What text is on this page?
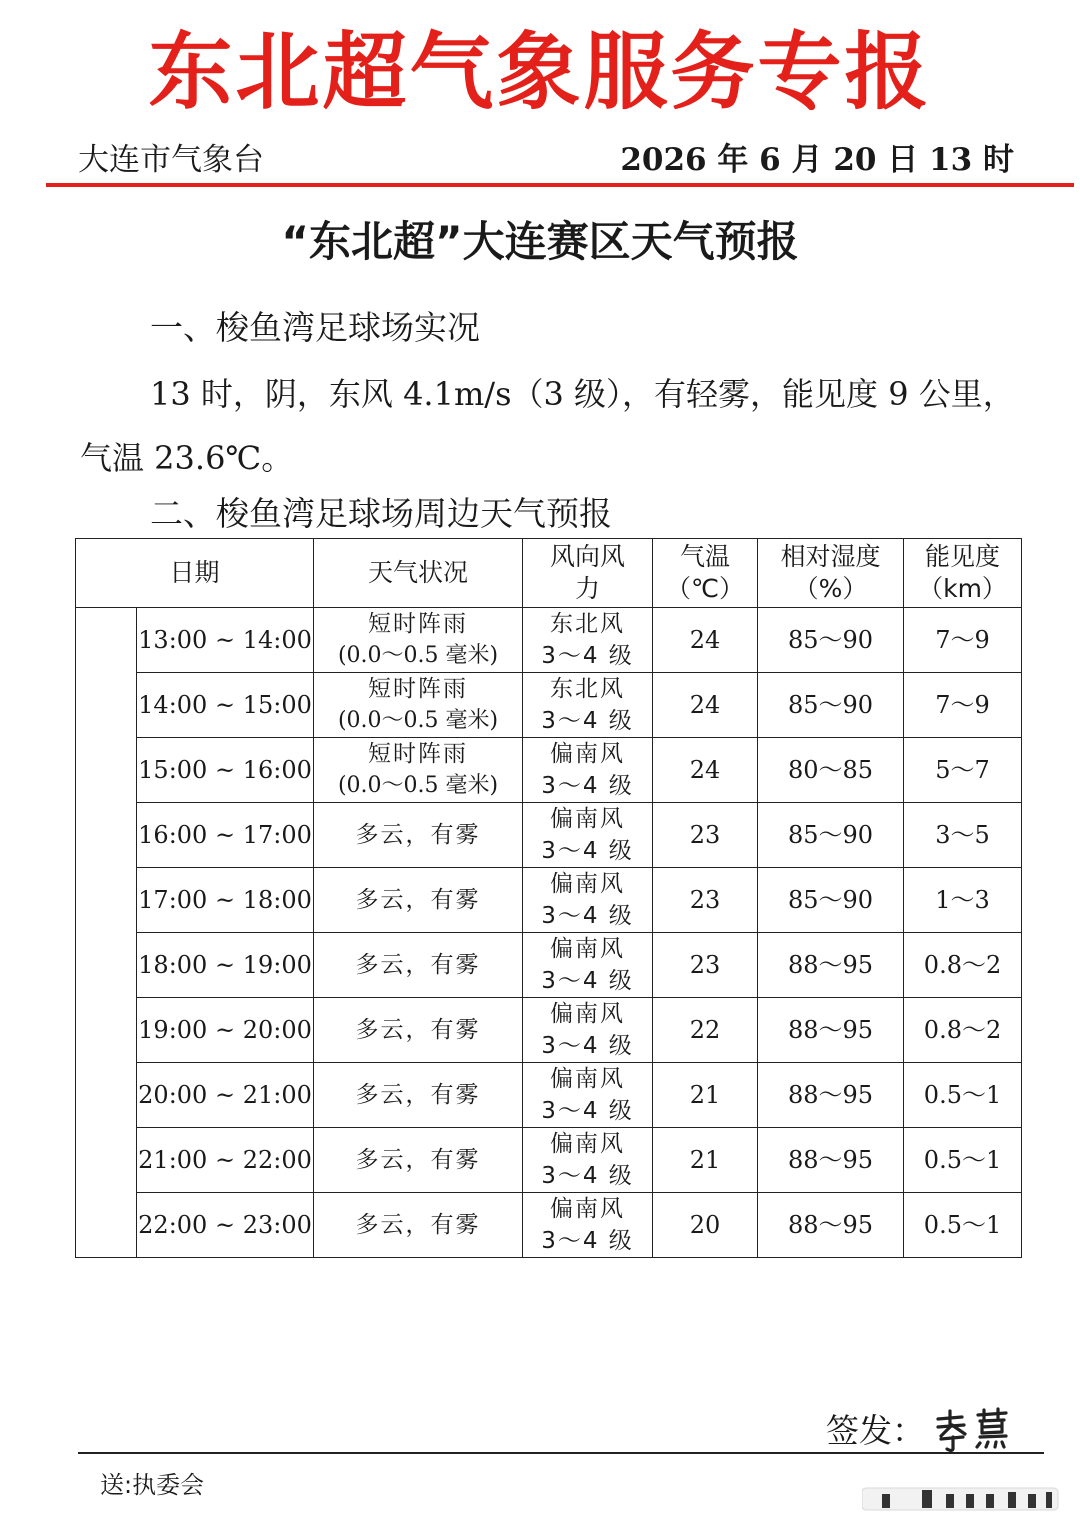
东北超气象服务专报
大连市气象台	2026 年 6 月 20 日 13 时
“东北超”大连赛区天气预报
一、梭鱼湾足球场实况
13 时，阴，东风 4.1m/s（3 级），有轻雾，能见度 9 公里，气温 23.6℃。
二、梭鱼湾足球场周边天气预报
日期		天气状况	风向风
力	气温
（℃）	相对湿度
（%）	能见度
（km）
	13:00 ~ 14:00	短时阵雨
(0.0～0.5 毫米)	东北风
3～4 级	24	85～90	7～9
	14:00 ~ 15:00	短时阵雨
(0.0～0.5 毫米)	东北风
3～4 级	24	85～90	7～9
	15:00 ~ 16:00	短时阵雨
(0.0～0.5 毫米)	偏南风
3～4 级	24	80～85	5～7
	16:00 ~ 17:00	多云，有雾	偏南风
3～4 级	23	85～90	3～5
	17:00 ~ 18:00	多云，有雾	偏南风
3～4 级	23	85～90	1～3
	18:00 ~ 19:00	多云，有雾	偏南风
3～4 级	23	88～95	0.8～2
	19:00 ~ 20:00	多云，有雾	偏南风
3～4 级	22	88～95	0.8～2
	20:00 ~ 21:00	多云，有雾	偏南风
3～4 级	21	88～95	0.5～1
	21:00 ~ 22:00	多云，有雾	偏南风
3～4 级	21	88～95	0.5～1
	22:00 ~ 23:00	多云，有雾	偏南风
3～4 级	20	88～95	0.5～1
签发：
送:执委会
